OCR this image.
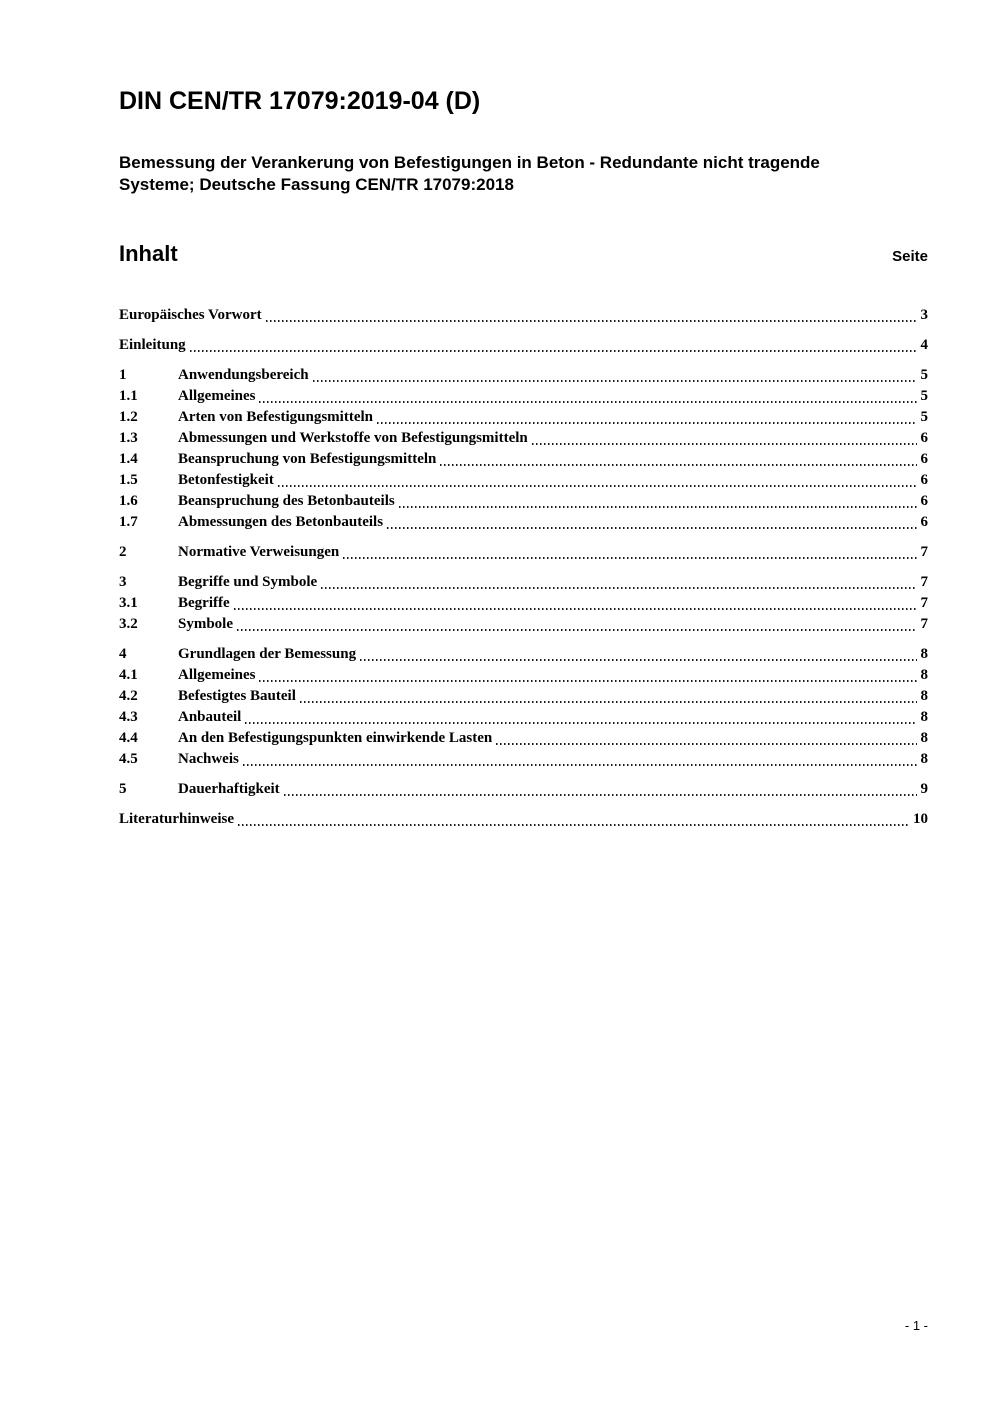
DIN CEN/TR 17079:2019-04 (D)
Bemessung der Verankerung von Befestigungen in Beton - Redundante nicht tragende Systeme; Deutsche Fassung CEN/TR 17079:2018
Inhalt	Seite
Europäisches Vorwort	3
Einleitung	4
1	Anwendungsbereich	5
1.1	Allgemeines	5
1.2	Arten von Befestigungsmitteln	5
1.3	Abmessungen und Werkstoffe von Befestigungsmitteln	6
1.4	Beanspruchung von Befestigungsmitteln	6
1.5	Betonfestigkeit	6
1.6	Beanspruchung des Betonbauteils	6
1.7	Abmessungen des Betonbauteils	6
2	Normative Verweisungen	7
3	Begriffe und Symbole	7
3.1	Begriffe	7
3.2	Symbole	7
4	Grundlagen der Bemessung	8
4.1	Allgemeines	8
4.2	Befestigtes Bauteil	8
4.3	Anbauteil	8
4.4	An den Befestigungspunkten einwirkende Lasten	8
4.5	Nachweis	8
5	Dauerhaftigkeit	9
Literaturhinweise	10
- 1 -
